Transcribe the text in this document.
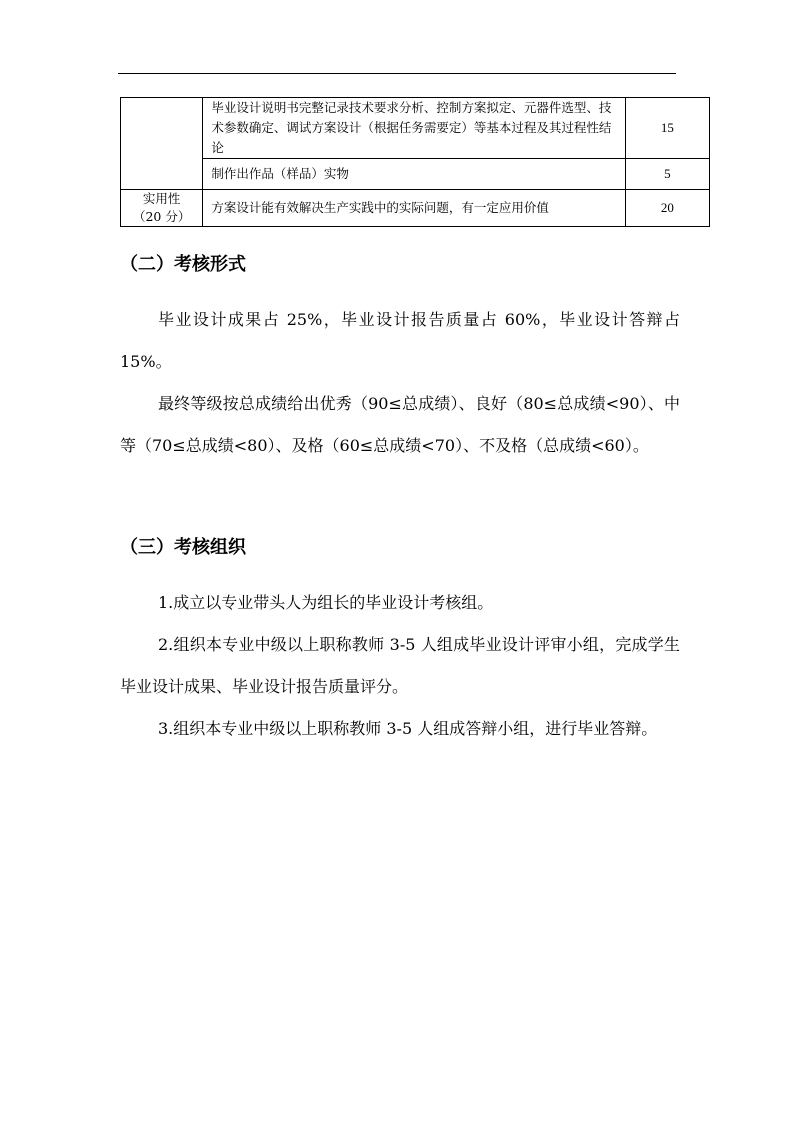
	毕业设计说明书完整记录技术要求分析、控制方案拟定、元器件选型、技术参数确定、调试方案设计（根据任务需要定）等基本过程及其过程性结论	15
	制作出作品（样品）实物	5

实用性
（20 分）	方案设计能有效解决生产实践中的实际问题，有一定应用价值	20
（二）考核形式

毕业设计成果占 25%，毕业设计报告质量占 60%，毕业设计答辩占 15%。

最终等级按总成绩给出优秀（90≤总成绩）、良好（80≤总成绩<90）、中等（70≤总成绩<80）、及格（60≤总成绩<70）、不及格（总成绩<60）。

（三）考核组织

1.成立以专业带头人为组长的毕业设计考核组。

2.组织本专业中级以上职称教师 3-5 人组成毕业设计评审小组，完成学生毕业设计成果、毕业设计报告质量评分。

3.组织本专业中级以上职称教师 3-5 人组成答辩小组，进行毕业答辩。
